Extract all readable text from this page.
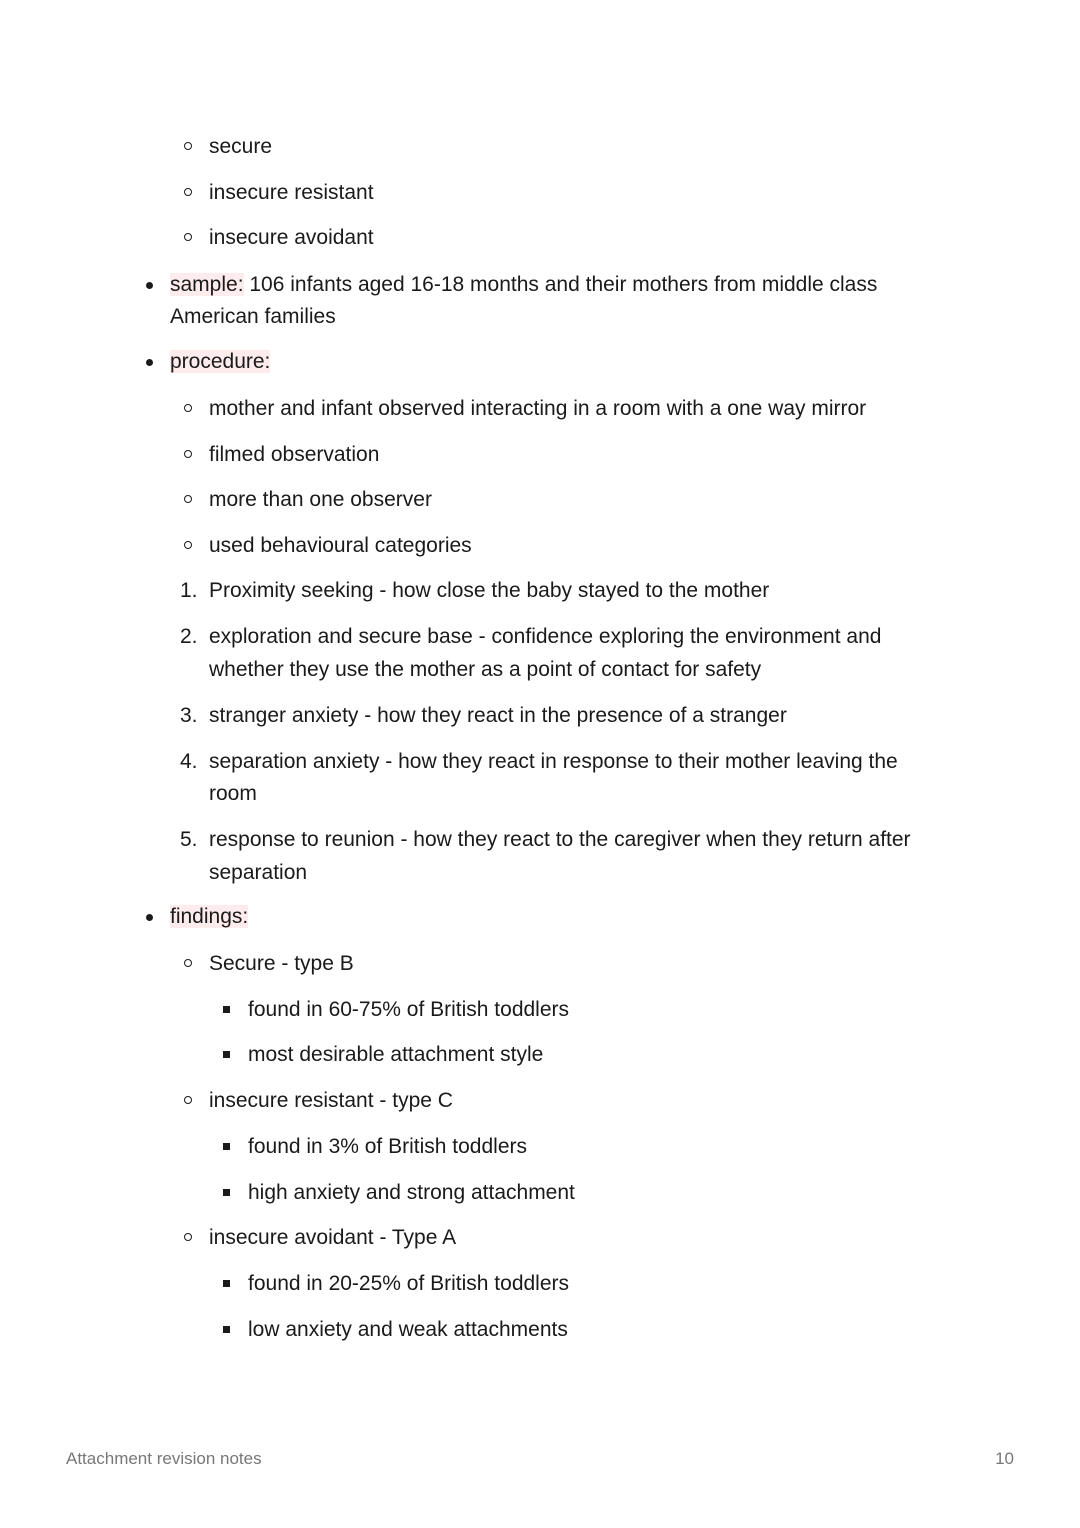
secure
insecure resistant
insecure avoidant
sample: 106 infants aged 16-18 months and their mothers from middle class
American families
procedure:
mother and infant observed interacting in a room with a one way mirror
filmed observation
more than one observer
used behavioural categories
1. Proximity seeking - how close the baby stayed to the mother
2. exploration and secure base - confidence exploring the environment and
whether they use the mother as a point of contact for safety
3. stranger anxiety - how they react in the presence of a stranger
4. separation anxiety - how they react in response to their mother leaving the
room
5. response to reunion - how they react to the caregiver when they return after
separation
findings:
Secure - type B
found in 60-75% of British toddlers
most desirable attachment style
insecure resistant - type C
found in 3% of British toddlers
high anxiety and strong attachment
insecure avoidant - Type A
found in 20-25% of British toddlers
low anxiety and weak attachments
Attachment revision notes	10
